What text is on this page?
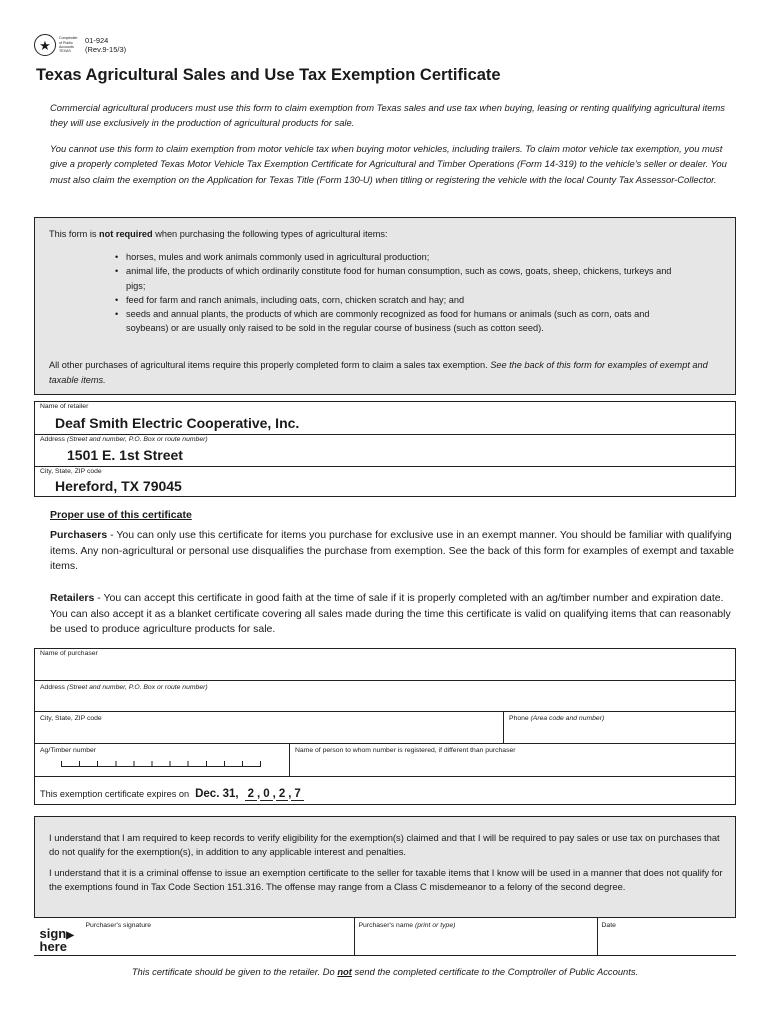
★	Comptroller of Public Accounts TEXAS
01-924
(Rev.9-15/3)
Texas Agricultural Sales and Use Tax Exemption Certificate

Commercial agricultural producers must use this form to claim exemption from Texas sales and use tax when buying, leasing or renting qualifying agricultural items they will use exclusively in the production of agricultural products for sale.

You cannot use this form to claim exemption from motor vehicle tax when buying motor vehicles, including trailers. To claim motor vehicle tax exemption, you must give a properly completed Texas Motor Vehicle Tax Exemption Certificate for Agricultural and Timber Operations (Form 14-319) to the vehicle’s seller or dealer. You must also claim the exemption on the Application for Texas Title (Form 130-U) when titling or registering the vehicle with the local County Tax Assessor-Collector.

This form is not required when purchasing the following types of agricultural items:
• horses, mules and work animals commonly used in agricultural production;
• animal life, the products of which ordinarily constitute food for human consumption, such as cows, goats, sheep, chickens, turkeys and pigs;
• feed for farm and ranch animals, including oats, corn, chicken scratch and hay; and
• seeds and annual plants, the products of which are commonly recognized as food for humans or animals (such as corn, oats and soybeans) or are usually only raised to be sold in the regular course of business (such as cotton seed).

All other purchases of agricultural items require this properly completed form to claim a sales tax exemption. See the back of this form for examples of exempt and taxable items.

Name of retailer
Deaf Smith Electric Cooperative, Inc.
Address (Street and number, P.O. Box or route number)
1501 E. 1st Street
City, State, ZIP code
Hereford, TX 79045
Proper use of this certificate

Purchasers - You can only use this certificate for items you purchase for exclusive use in an exempt manner. You should be familiar with qualifying items. Any non-agricultural or personal use disqualifies the purchase from exemption. See the back of this form for examples of exempt and taxable items.

Retailers - You can accept this certificate in good faith at the time of sale if it is properly completed with an ag/timber number and expiration date. You can also accept it as a blanket certificate covering all sales made during the time this certificate is valid on qualifying items that can reasonably be used to produce agriculture products for sale.

Name of purchaser
Address (Street and number, P.O. Box or route number)
City, State, ZIP code	Phone (Area code and number)
Ag/Timber number	Name of person to whom number is registered, if different than purchaser
This exemption certificate expires on Dec. 31, 2 , 0 , 2 , 7

I understand that I am required to keep records to verify eligibility for the exemption(s) claimed and that I will be required to pay sales or use tax on purchases that do not qualify for the exemption(s), in addition to any applicable interest and penalties.

I understand that it is a criminal offense to issue an exemption certificate to the seller for taxable items that I know will be used in a manner that does not qualify for the exemptions found in Tax Code Section 151.316. The offense may range from a Class C misdemeanor to a felony of the second degree.

sign▶
here
Purchaser's signature	Purchaser's name (print or type)	Date
This certificate should be given to the retailer. Do not send the completed certificate to the Comptroller of Public Accounts.
